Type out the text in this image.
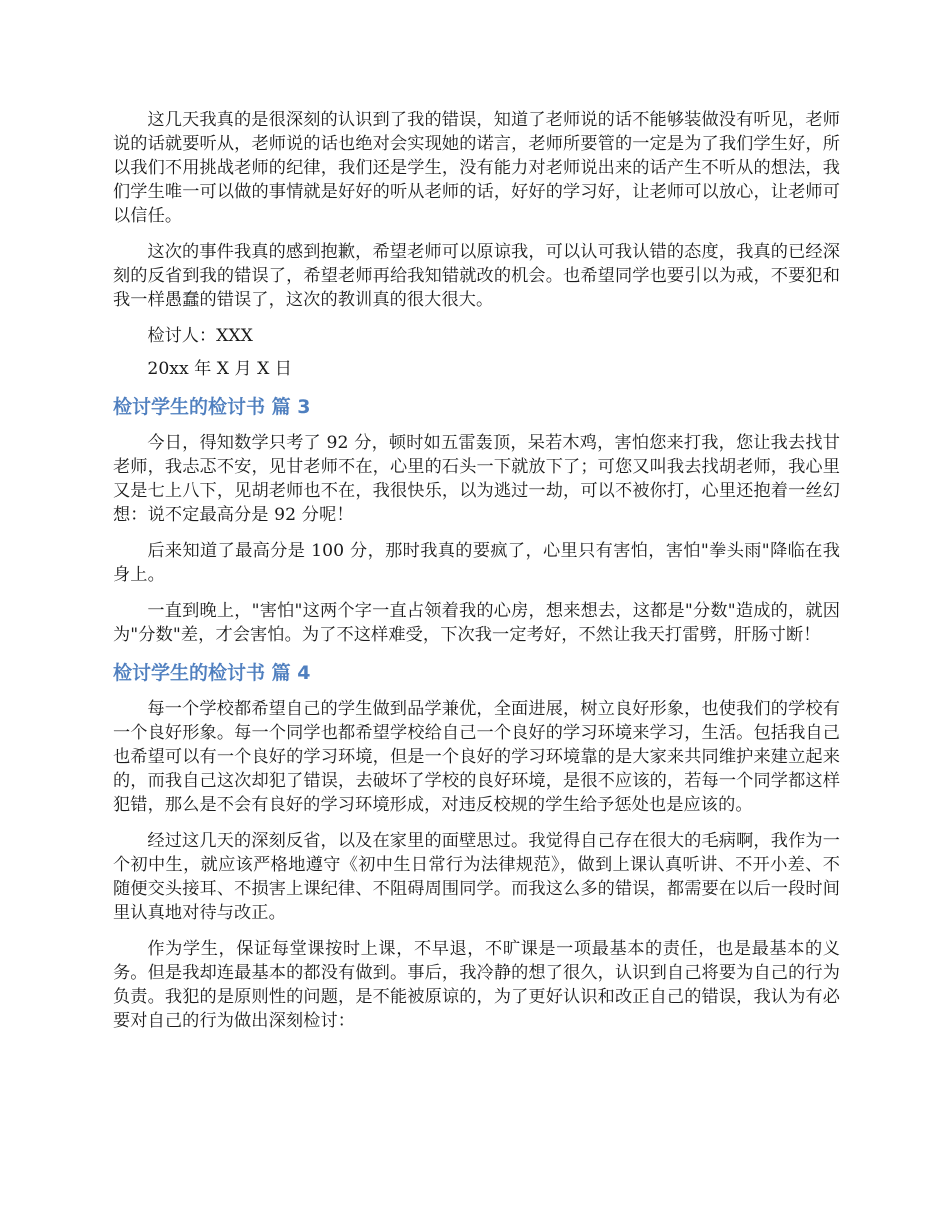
这几天我真的是很深刻的认识到了我的错误，知道了老师说的话不能够装做没有听见，老师说的话就要听从，老师说的话也绝对会实现她的诺言，老师所要管的一定是为了我们学生好，所以我们不用挑战老师的纪律，我们还是学生，没有能力对老师说出来的话产生不听从的想法，我们学生唯一可以做的事情就是好好的听从老师的话，好好的学习好，让老师可以放心，让老师可以信任。

这次的事件我真的感到抱歉，希望老师可以原谅我，可以认可我认错的态度，我真的已经深刻的反省到我的错误了，希望老师再给我知错就改的机会。也希望同学也要引以为戒，不要犯和我一样愚蠢的错误了，这次的教训真的很大很大。

检讨人：XXX

20xx 年 X 月 X 日

检讨学生的检讨书 篇 3

今日，得知数学只考了 92 分，顿时如五雷轰顶，呆若木鸡，害怕您来打我，您让我去找甘老师，我忐忑不安，见甘老师不在，心里的石头一下就放下了；可您又叫我去找胡老师，我心里又是七上八下，见胡老师也不在，我很快乐，以为逃过一劫，可以不被你打，心里还抱着一丝幻想：说不定最高分是 92 分呢！

后来知道了最高分是 100 分，那时我真的要疯了，心里只有害怕，害怕"拳头雨"降临在我身上。

一直到晚上，"害怕"这两个字一直占领着我的心房，想来想去，这都是"分数"造成的，就因为"分数"差，才会害怕。为了不这样难受，下次我一定考好，不然让我天打雷劈，肝肠寸断！

检讨学生的检讨书 篇 4

每一个学校都希望自己的学生做到品学兼优，全面进展，树立良好形象，也使我们的学校有一个良好形象。每一个同学也都希望学校给自己一个良好的学习环境来学习，生活。包括我自己也希望可以有一个良好的学习环境，但是一个良好的学习环境靠的是大家来共同维护来建立起来的，而我自己这次却犯了错误，去破坏了学校的良好环境，是很不应该的，若每一个同学都这样犯错，那么是不会有良好的学习环境形成，对违反校规的学生给予惩处也是应该的。

经过这几天的深刻反省，以及在家里的面壁思过。我觉得自己存在很大的毛病啊，我作为一个初中生，就应该严格地遵守《初中生日常行为法律规范》，做到上课认真听讲、不开小差、不随便交头接耳、不损害上课纪律、不阻碍周围同学。而我这么多的错误，都需要在以后一段时间里认真地对待与改正。

作为学生，保证每堂课按时上课，不早退，不旷课是一项最基本的责任，也是最基本的义务。但是我却连最基本的都没有做到。事后，我冷静的想了很久，认识到自己将要为自己的行为负责。我犯的是原则性的问题，是不能被原谅的，为了更好认识和改正自己的错误，我认为有必要对自己的行为做出深刻检讨：
